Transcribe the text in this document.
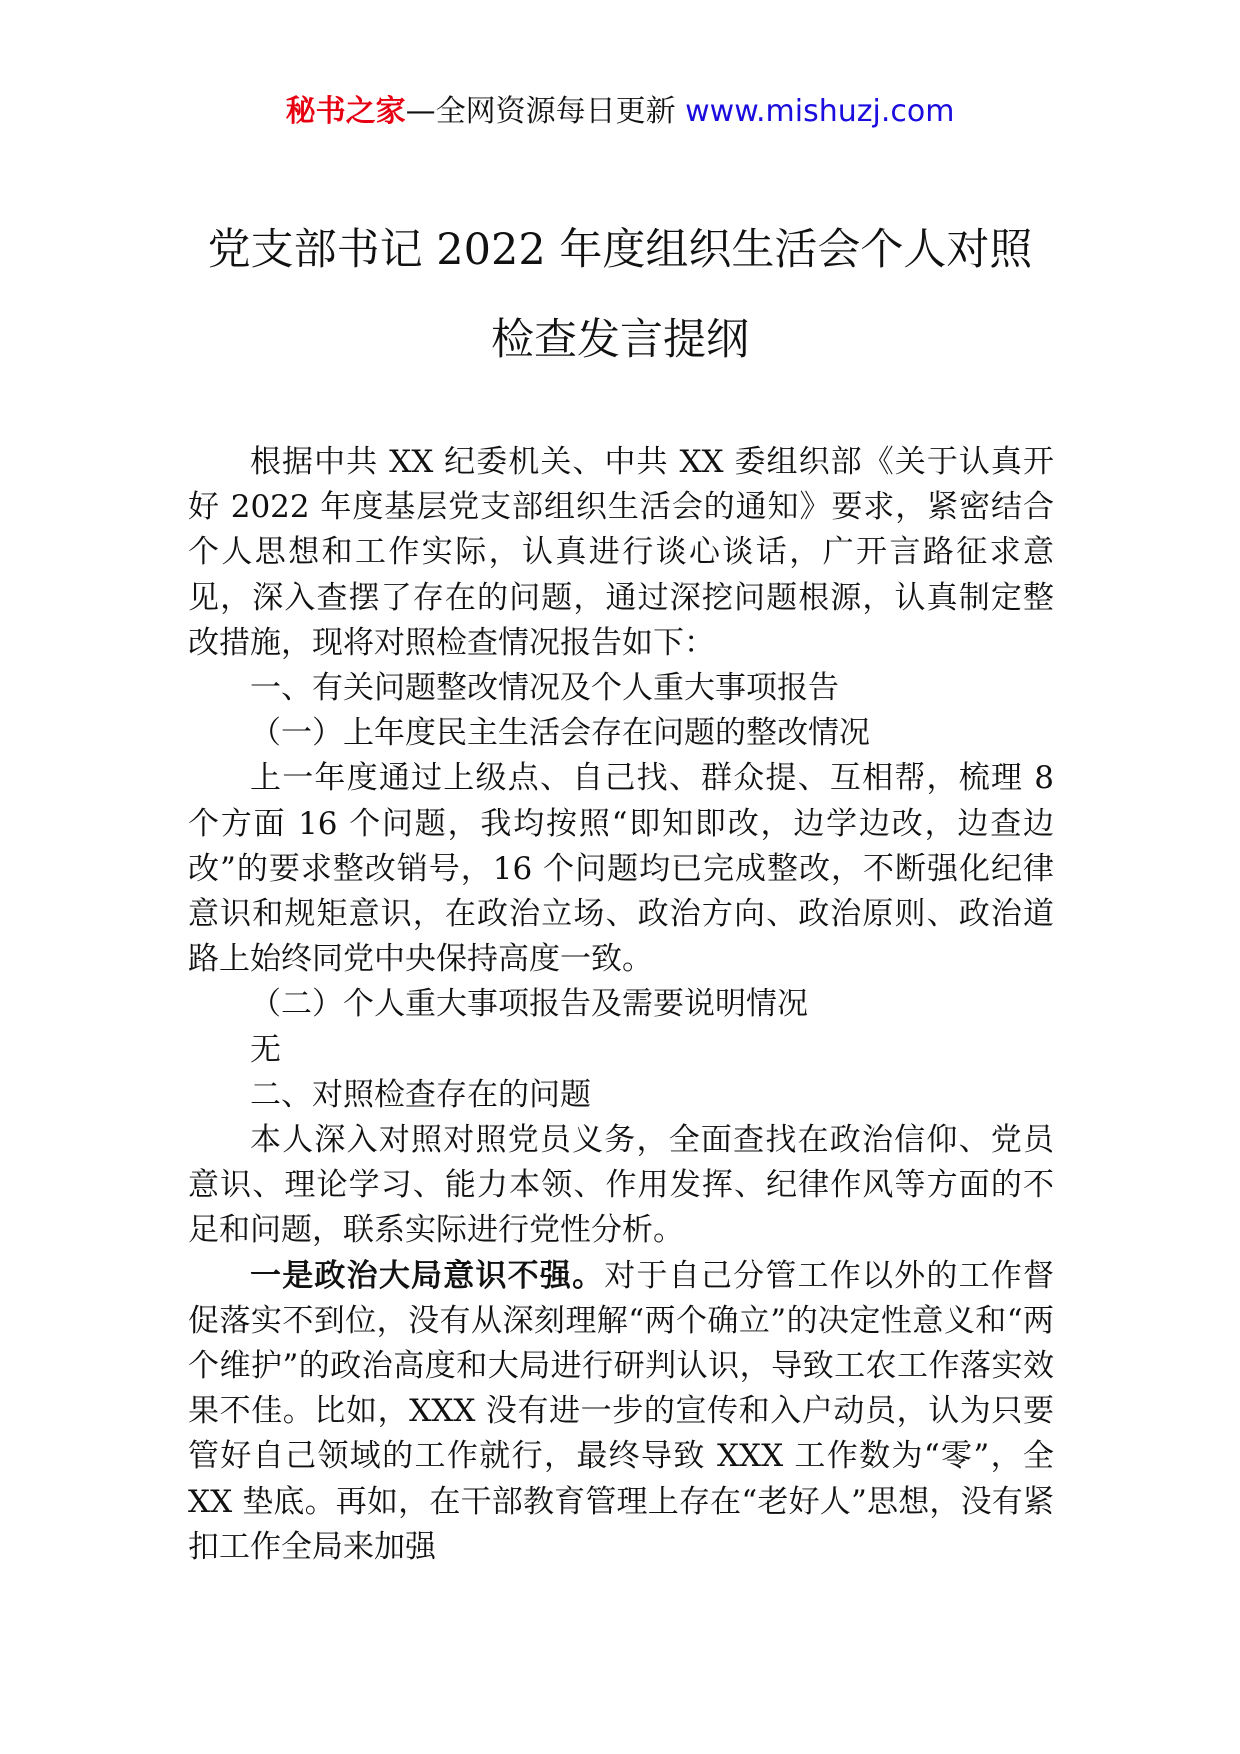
秘书之家—全网资源每日更新 www.mishuzj.com
党支部书记 2022 年度组织生活会个人对照
检查发言提纲

根据中共 XX 纪委机关、中共 XX 委组织部《关于认真开好 2022 年度基层党支部组织生活会的通知》要求，紧密结合个人思想和工作实际，认真进行谈心谈话，广开言路征求意见，深入查摆了存在的问题，通过深挖问题根源，认真制定整改措施，现将对照检查情况报告如下：

一、有关问题整改情况及个人重大事项报告

（一）上年度民主生活会存在问题的整改情况

上一年度通过上级点、自己找、群众提、互相帮，梳理 8 个方面 16 个问题，我均按照“即知即改，边学边改，边查边改”的要求整改销号，16 个问题均已完成整改，不断强化纪律意识和规矩意识，在政治立场、政治方向、政治原则、政治道路上始终同党中央保持高度一致。

（二）个人重大事项报告及需要说明情况

无

二、对照检查存在的问题

本人深入对照对照党员义务，全面查找在政治信仰、党员意识、理论学习、能力本领、作用发挥、纪律作风等方面的不足和问题，联系实际进行党性分析。

一是政治大局意识不强。对于自己分管工作以外的工作督促落实不到位，没有从深刻理解“两个确立”的决定性意义和“两个维护”的政治高度和大局进行研判认识，导致工农工作落实效果不佳。比如，XXX 没有进一步的宣传和入户动员，认为只要管好自己领域的工作就行，最终导致 XXX 工作数为“零”，全 XX 垫底。再如，在干部教育管理上存在“老好人”思想，没有紧扣工作全局来加强
